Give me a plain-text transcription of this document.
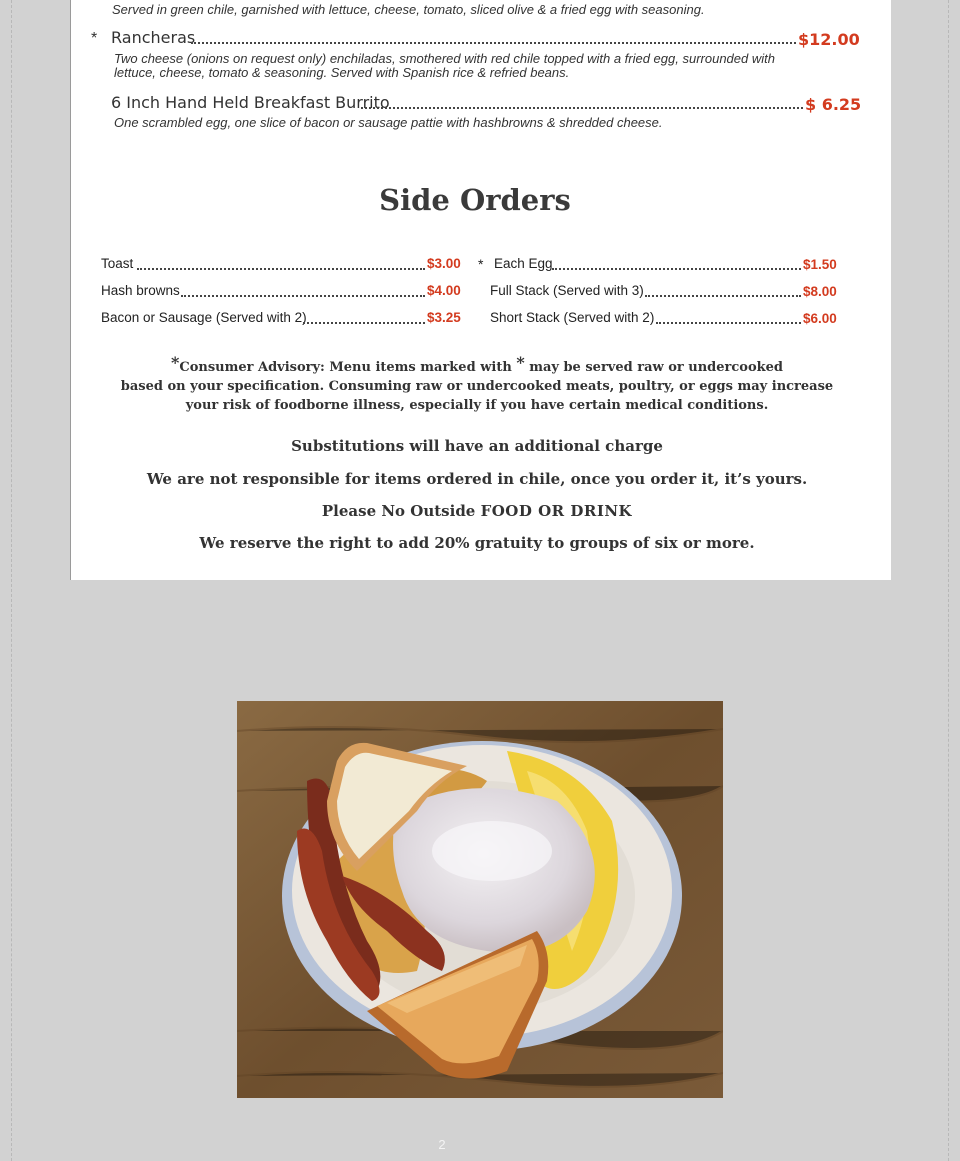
Served in green chile, garnished with lettuce, cheese, tomato, sliced olive & a fried egg with seasoning.
* Rancheras	$12.00
Two cheese (onions on request only) enchiladas, smothered with red chile topped with a fried egg, surrounded with
lettuce, cheese, tomato & seasoning. Served with Spanish rice & refried beans.
6 Inch Hand Held Breakfast Burrito	$ 6.25
One scrambled egg, one slice of bacon or sausage pattie with hashbrowns & shredded cheese.
Side Orders
Toast	$3.00
Hash browns	$4.00
Bacon or Sausage (Served with 2)	$3.25
* Each Egg	$1.50
Full Stack (Served with 3)	$8.00
Short Stack (Served with 2)	$6.00
*Consumer Advisory: Menu items marked with * may be served raw or undercooked
based on your specification. Consuming raw or undercooked meats, poultry, or eggs may increase
your risk of foodborne illness, especially if you have certain medical conditions.
Substitutions will have an additional charge
We are not responsible for items ordered in chile, once you order it, it’s yours.
Please No Outside FOOD OR DRINK
We reserve the right to add 20% gratuity to groups of six or more.
2
